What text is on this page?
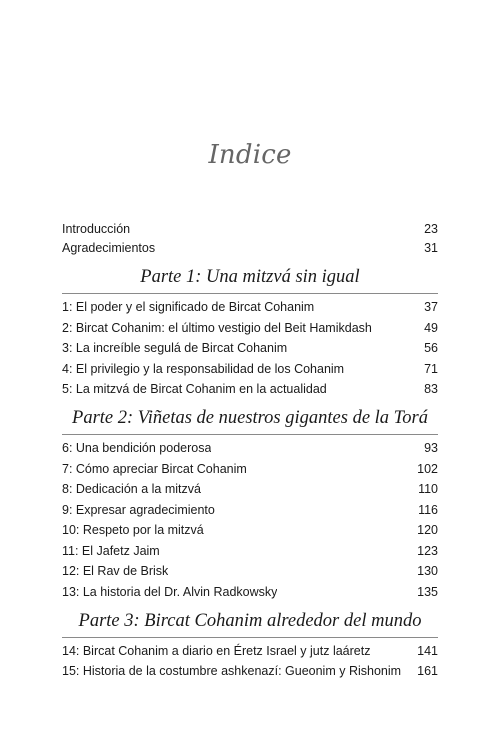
Indice
Introducción	23
Agradecimientos	31
Parte 1: Una mitzvá sin igual
1: El poder y el significado de Bircat Cohanim	37
2: Bircat Cohanim: el último vestigio del Beit Hamikdash	49
3: La increíble segulá de Bircat Cohanim	56
4: El privilegio y la responsabilidad de los Cohanim	71
5: La mitzvá de Bircat Cohanim en la actualidad	83
Parte 2: Viñetas de nuestros gigantes de la Torá
6: Una bendición poderosa	93
7: Cómo apreciar Bircat Cohanim	102
8: Dedicación a la mitzvá	110
9: Expresar agradecimiento	116
10: Respeto por la mitzvá	120
11: El Jafetz Jaim	123
12: El Rav de Brisk	130
13: La historia del Dr. Alvin Radkowsky	135
Parte 3: Bircat Cohanim alrededor del mundo
14: Bircat Cohanim a diario en Éretz Israel y jutz laáretz	141
15: Historia de la costumbre ashkenazí: Gueonim y Rishonim	161
